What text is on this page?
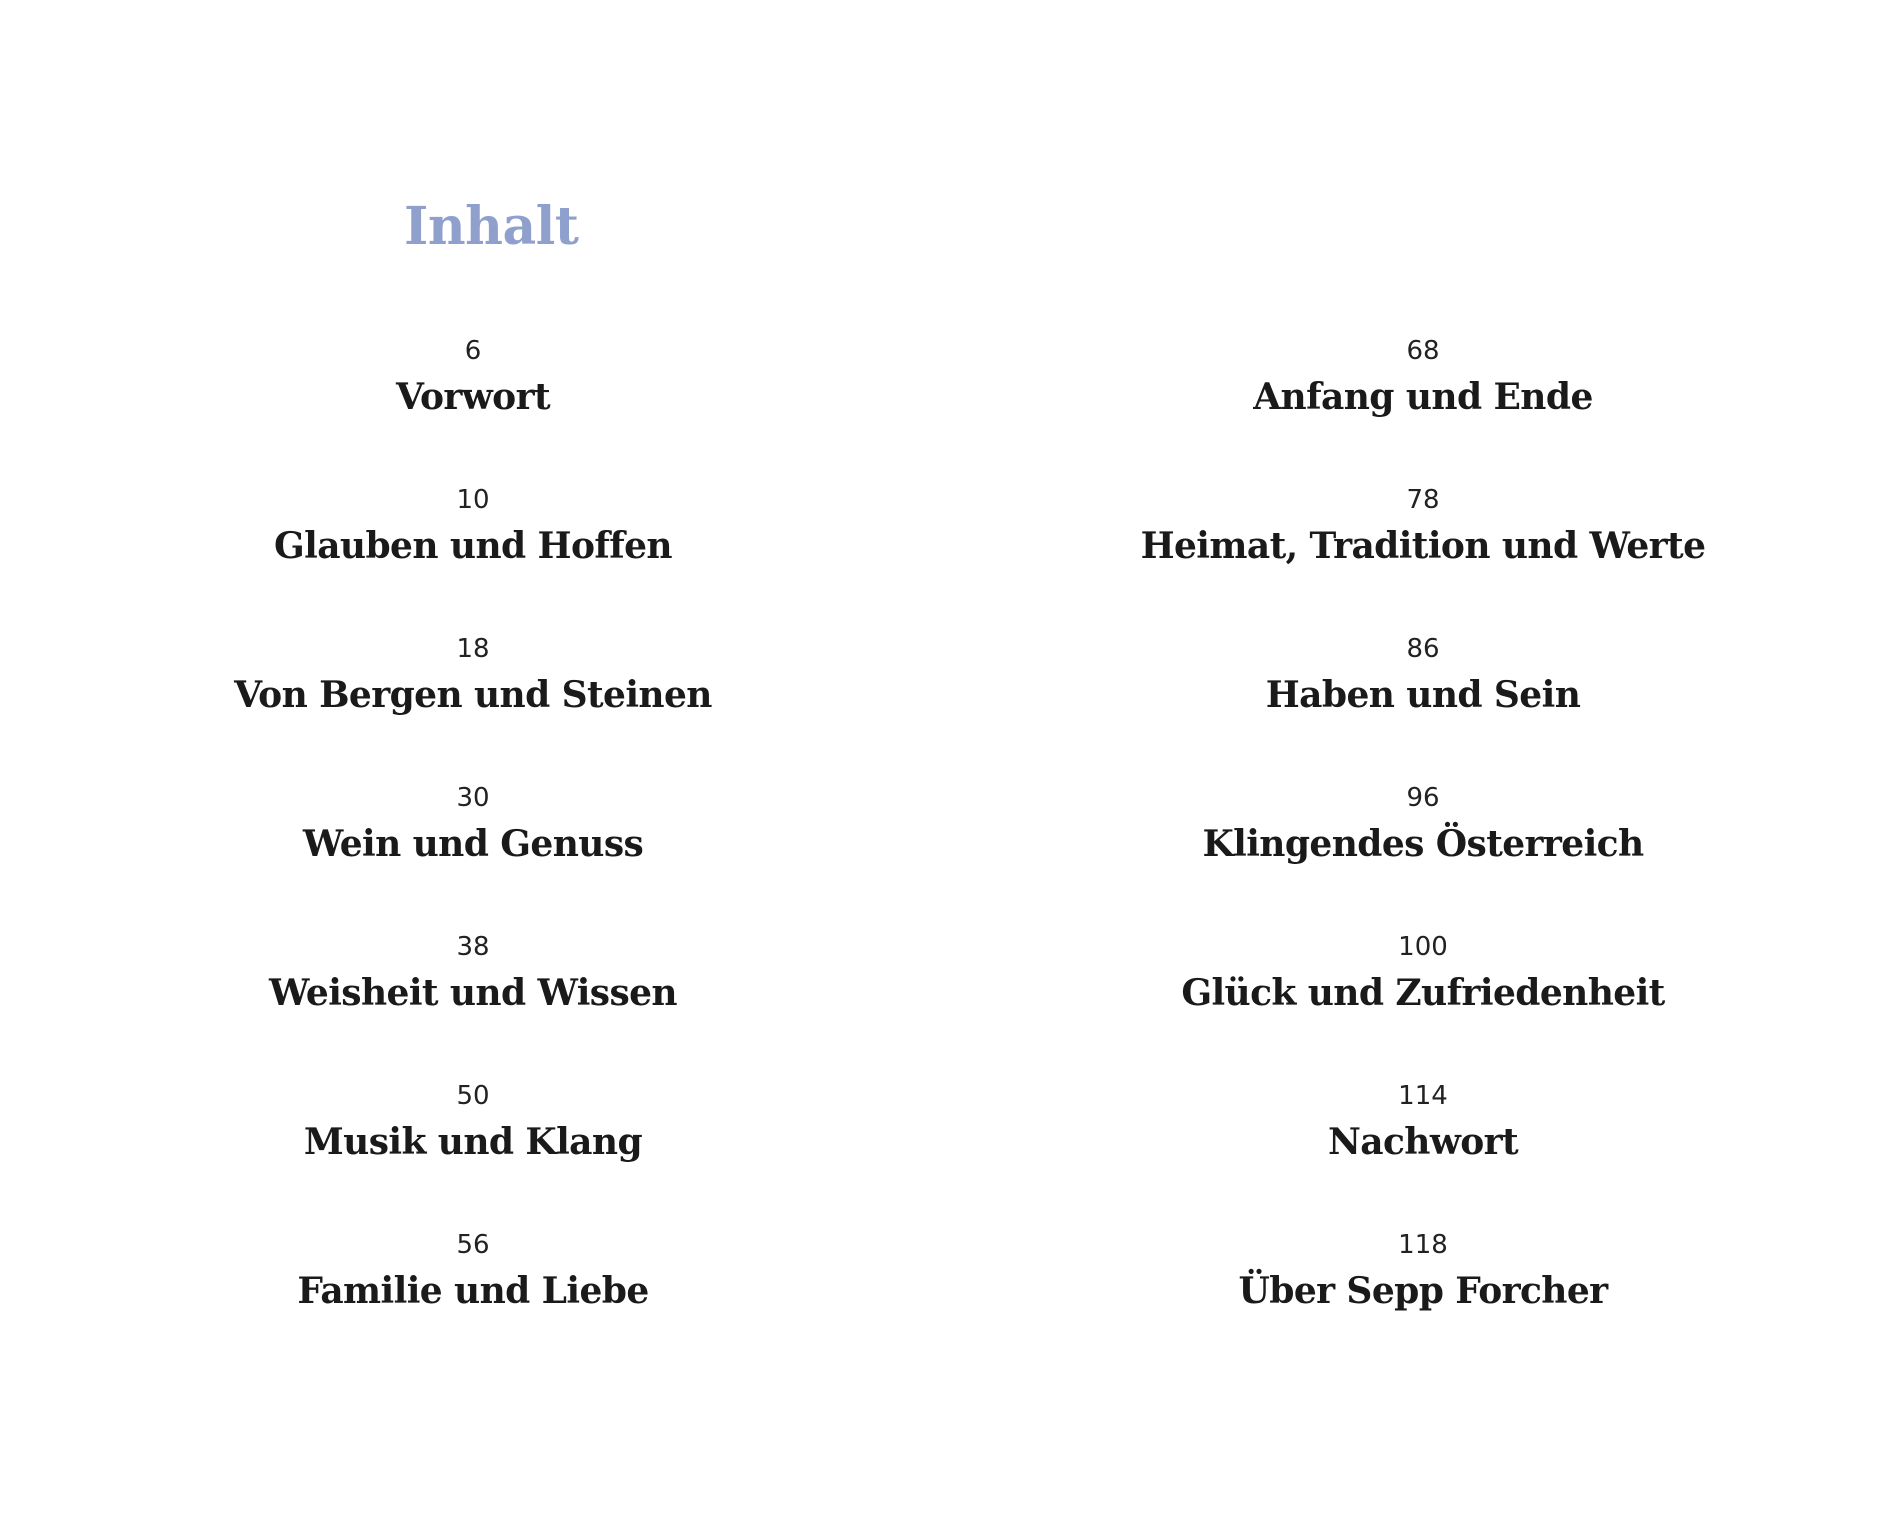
Inhalt
6
Vorwort
10
Glauben und Hoffen
18
Von Bergen und Steinen
30
Wein und Genuss
38
Weisheit und Wissen
50
Musik und Klang
56
Familie und Liebe
68
Anfang und Ende
78
Heimat, Tradition und Werte
86
Haben und Sein
96
Klingendes Österreich
100
Glück und Zufriedenheit
114
Nachwort
118
Über Sepp Forcher
